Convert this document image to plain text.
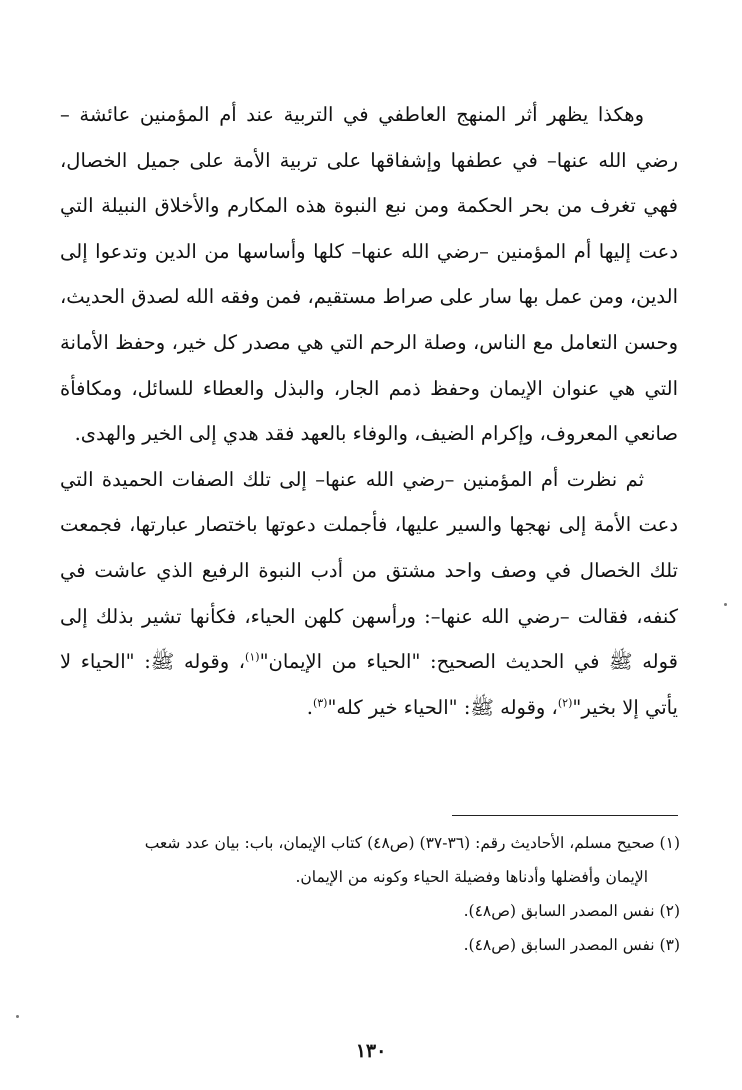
وهكذا يظهر أثر المنهج العاطفي في التربية عند أم المؤمنين عائشة –رضي الله عنها– في عطفها وإشفاقها على تربية الأمة على جميل الخصال، فهي تغرف من بحر الحكمة ومن نبع النبوة هذه المكارم والأخلاق النبيلة التي دعت إليها أم المؤمنين –رضي الله عنها– كلها وأساسها من الدين وتدعوا إلى الدين، ومن عمل بها سار على صراط مستقيم، فمن وفقه الله لصدق الحديث، وحسن التعامل مع الناس، وصلة الرحم التي هي مصدر كل خير، وحفظ الأمانة التي هي عنوان الإيمان وحفظ ذمم الجار، والبذل والعطاء للسائل، ومكافأة صانعي المعروف، وإكرام الضيف، والوفاء بالعهد فقد هدي إلى الخير والهدى.

ثم نظرت أم المؤمنين –رضي الله عنها– إلى تلك الصفات الحميدة التي دعت الأمة إلى نهجها والسير عليها، فأجملت دعوتها باختصار عبارتها، فجمعت تلك الخصال في وصف واحد مشتق من أدب النبوة الرفيع الذي عاشت في كنفه، فقالت –رضي الله عنها–: ورأسهن كلهن الحياء، فكأنها تشير بذلك إلى قوله ﷺ في الحديث الصحيح: "الحياء من الإيمان"$^{(١)}$، وقوله ﷺ: "الحياء لا يأتي إلا بخير"$^{(٢)}$، وقوله ﷺ: "الحياء خير كله"$^{(٣)}$.

(١) صحيح مسلم، الأحاديث رقم: (٣٦-٣٧) (ص٤٨) كتاب الإيمان، باب: بيان عدد شعب

الإيمان وأفضلها وأدناها وفضيلة الحياء وكونه من الإيمان.

(٢) نفس المصدر السابق (ص٤٨).

(٣) نفس المصدر السابق (ص٤٨).

١٣٠
